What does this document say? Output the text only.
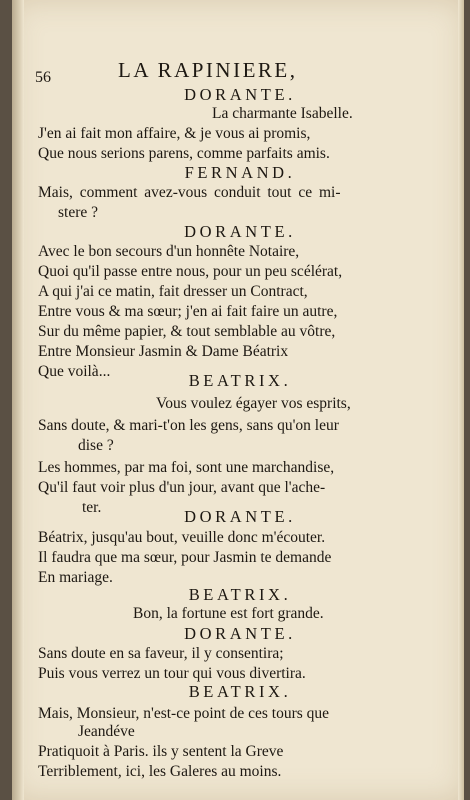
56	LA RAPINIERE,
DORANTE.
La charmante Isabelle.
J'en ai fait mon affaire, & je vous ai promis,
Que nous serions parens, comme parfaits amis.
FERNAND.
Mais, comment avez-vous conduit tout ce mi-
stere ?
DORANTE.
Avec le bon secours d'un honnête Notaire,
Quoi qu'il passe entre nous, pour un peu scélérat,
A qui j'ai ce matin, fait dresser un Contract,
Entre vous & ma sœur; j'en ai fait faire un autre,
Sur du même papier, & tout semblable au vôtre,
Entre Monsieur Jasmin & Dame Béatrix
Que voilà...	BEATRIX.
Vous voulez égayer vos esprits,
Sans doute, & mari-t'on les gens, sans qu'on leur
dise ?
Les hommes, par ma foi, sont une marchandise,
Qu'il faut voir plus d'un jour, avant que l'ache-
ter.	DORANTE.
Béatrix, jusqu'au bout, veuille donc m'écouter.
Il faudra que ma sœur, pour Jasmin te demande
En mariage.
BEATRIX.
Bon, la fortune est fort grande.
DORANTE.
Sans doute en sa faveur, il y consentira;
Puis vous verrez un tour qui vous divertira.
BEATRIX.
Mais, Monsieur, n'est-ce point de ces tours que
Jeandéve
Pratiquoit à Paris. ils y sentent la Greve
Terriblement, ici, les Galeres au moins.
